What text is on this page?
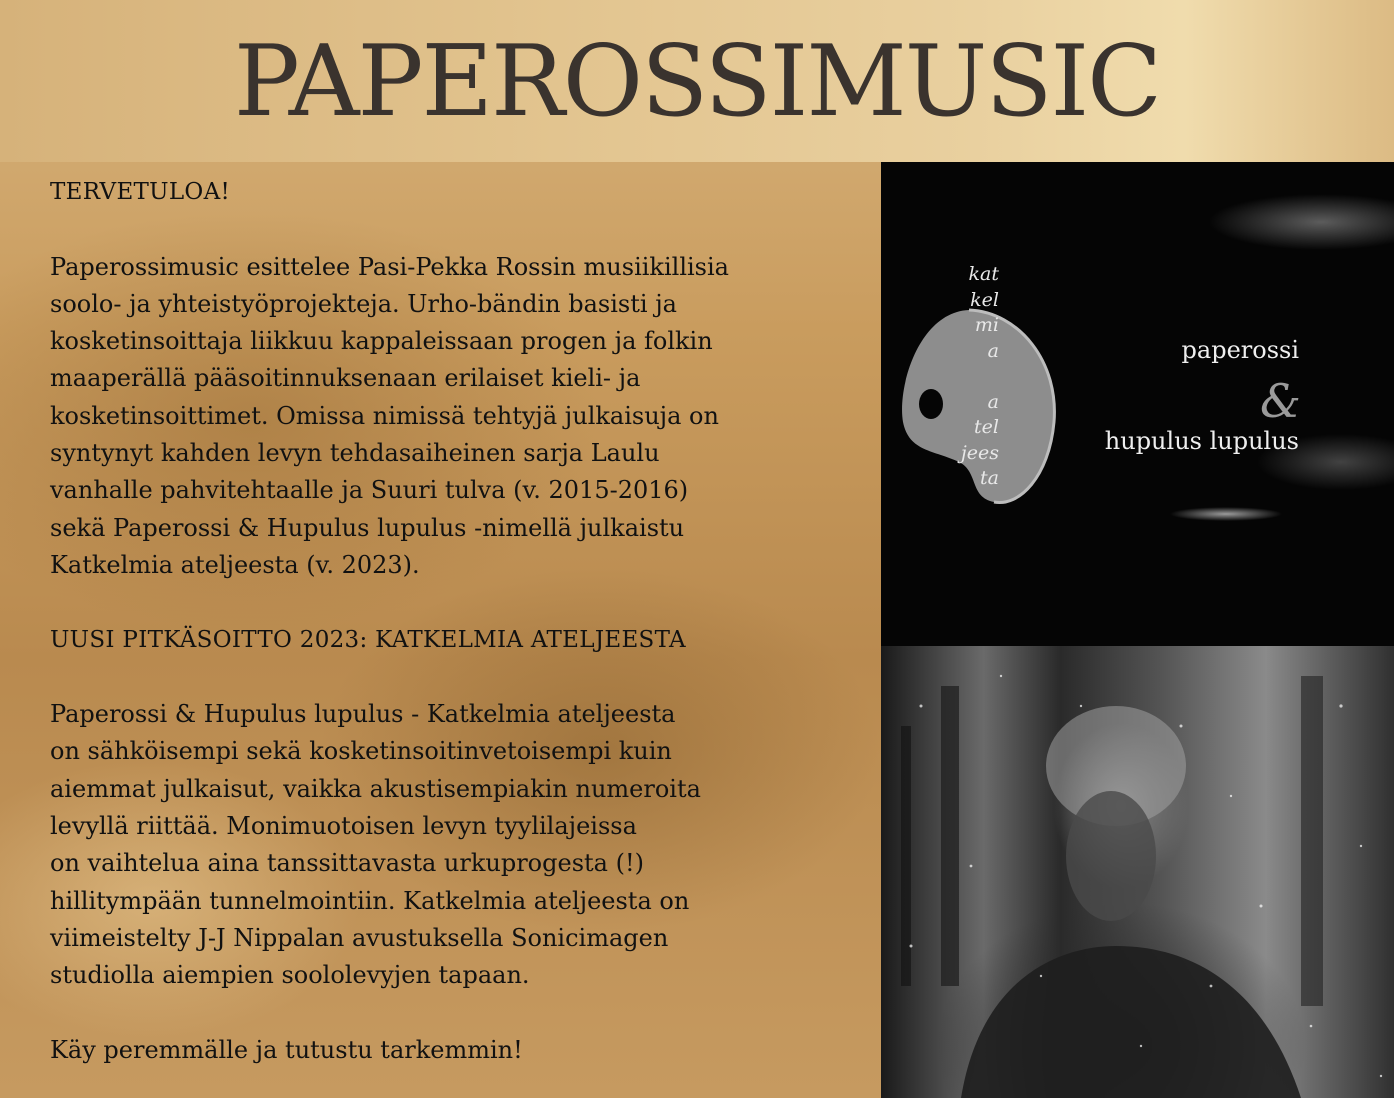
PAPEROSSIMUSIC

TERVETULOA!

Paperossimusic esittelee Pasi-Pekka Rossin musiikillisia

soolo- ja yhteistyöprojekteja. Urho-bändin basisti ja

kosketinsoittaja liikkuu kappaleissaan progen ja folkin

maaperällä pääsoitinnuksenaan erilaiset kieli- ja

kosketinsoittimet. Omissa nimissä tehtyjä julkaisuja on

syntynyt kahden levyn tehdasaiheinen sarja Laulu

vanhalle pahvitehtaalle ja Suuri tulva (v. 2015-2016)

sekä Paperossi & Hupulus lupulus -nimellä julkaistu

Katkelmia ateljeesta (v. 2023).

UUSI PITKÄSOITTO 2023: KATKELMIA ATELJEESTA

Paperossi & Hupulus lupulus - Katkelmia ateljeesta

on sähköisempi sekä kosketinsoitinvetoisempi kuin

aiemmat julkaisut, vaikka akustisempiakin numeroita

levyllä riittää. Monimuotoisen levyn tyylilajeissa

on vaihtelua aina tanssittavasta urkuprogesta (!)

hillitympään tunnelmointiin. Katkelmia ateljeesta on

viimeistelty J-J Nippalan avustuksella Sonicimagen

studiolla aiempien soololevyjen tapaan.

Käy peremmälle ja tutustu tarkemmin!

kat
kel
mi
a
a
tel
jees
ta
paperossi
&
hupulus lupulus
